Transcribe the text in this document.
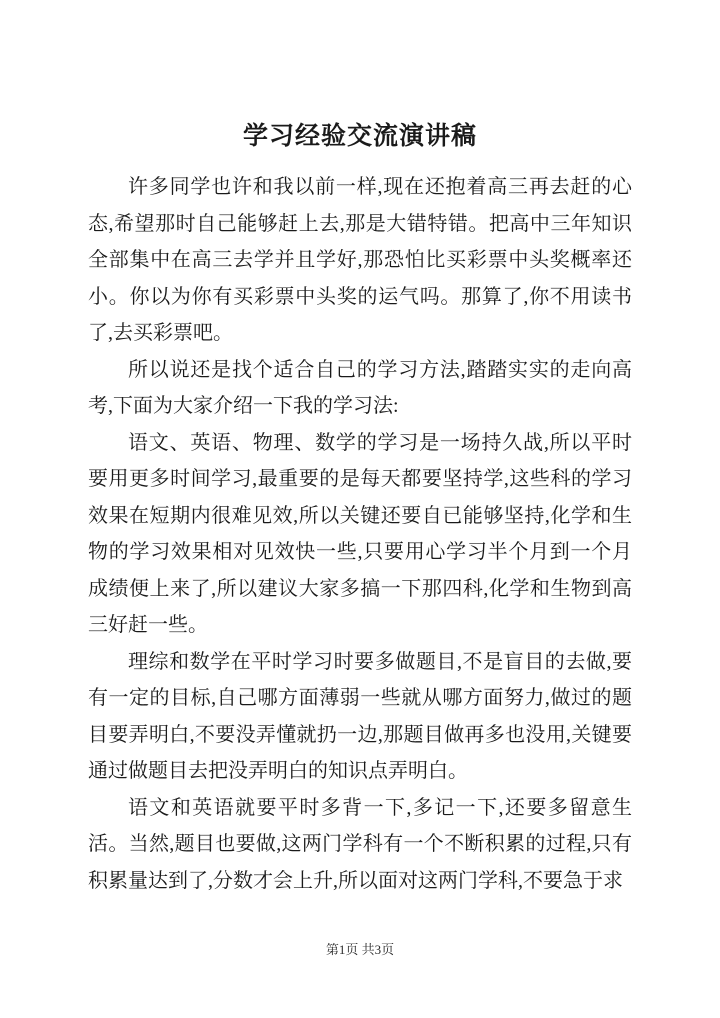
学习经验交流演讲稿

许多同学也许和我以前一样,现在还抱着高三再去赶的心态,希望那时自己能够赶上去,那是大错特错。把高中三年知识全部集中在高三去学并且学好,那恐怕比买彩票中头奖概率还小。你以为你有买彩票中头奖的运气吗。那算了,你不用读书了,去买彩票吧。

所以说还是找个适合自己的学习方法,踏踏实实的走向高考,下面为大家介绍一下我的学习法:

语文、英语、物理、数学的学习是一场持久战,所以平时要用更多时间学习,最重要的是每天都要坚持学,这些科的学习效果在短期内很难见效,所以关键还要自已能够坚持,化学和生物的学习效果相对见效快一些,只要用心学习半个月到一个月成绩便上来了,所以建议大家多搞一下那四科,化学和生物到高三好赶一些。

理综和数学在平时学习时要多做题目,不是盲目的去做,要有一定的目标,自己哪方面薄弱一些就从哪方面努力,做过的题目要弄明白,不要没弄懂就扔一边,那题目做再多也没用,关键要通过做题目去把没弄明白的知识点弄明白。

语文和英语就要平时多背一下,多记一下,还要多留意生活。当然,题目也要做,这两门学科有一个不断积累的过程,只有积累量达到了,分数才会上升,所以面对这两门学科,不要急于求

第1页 共3页
